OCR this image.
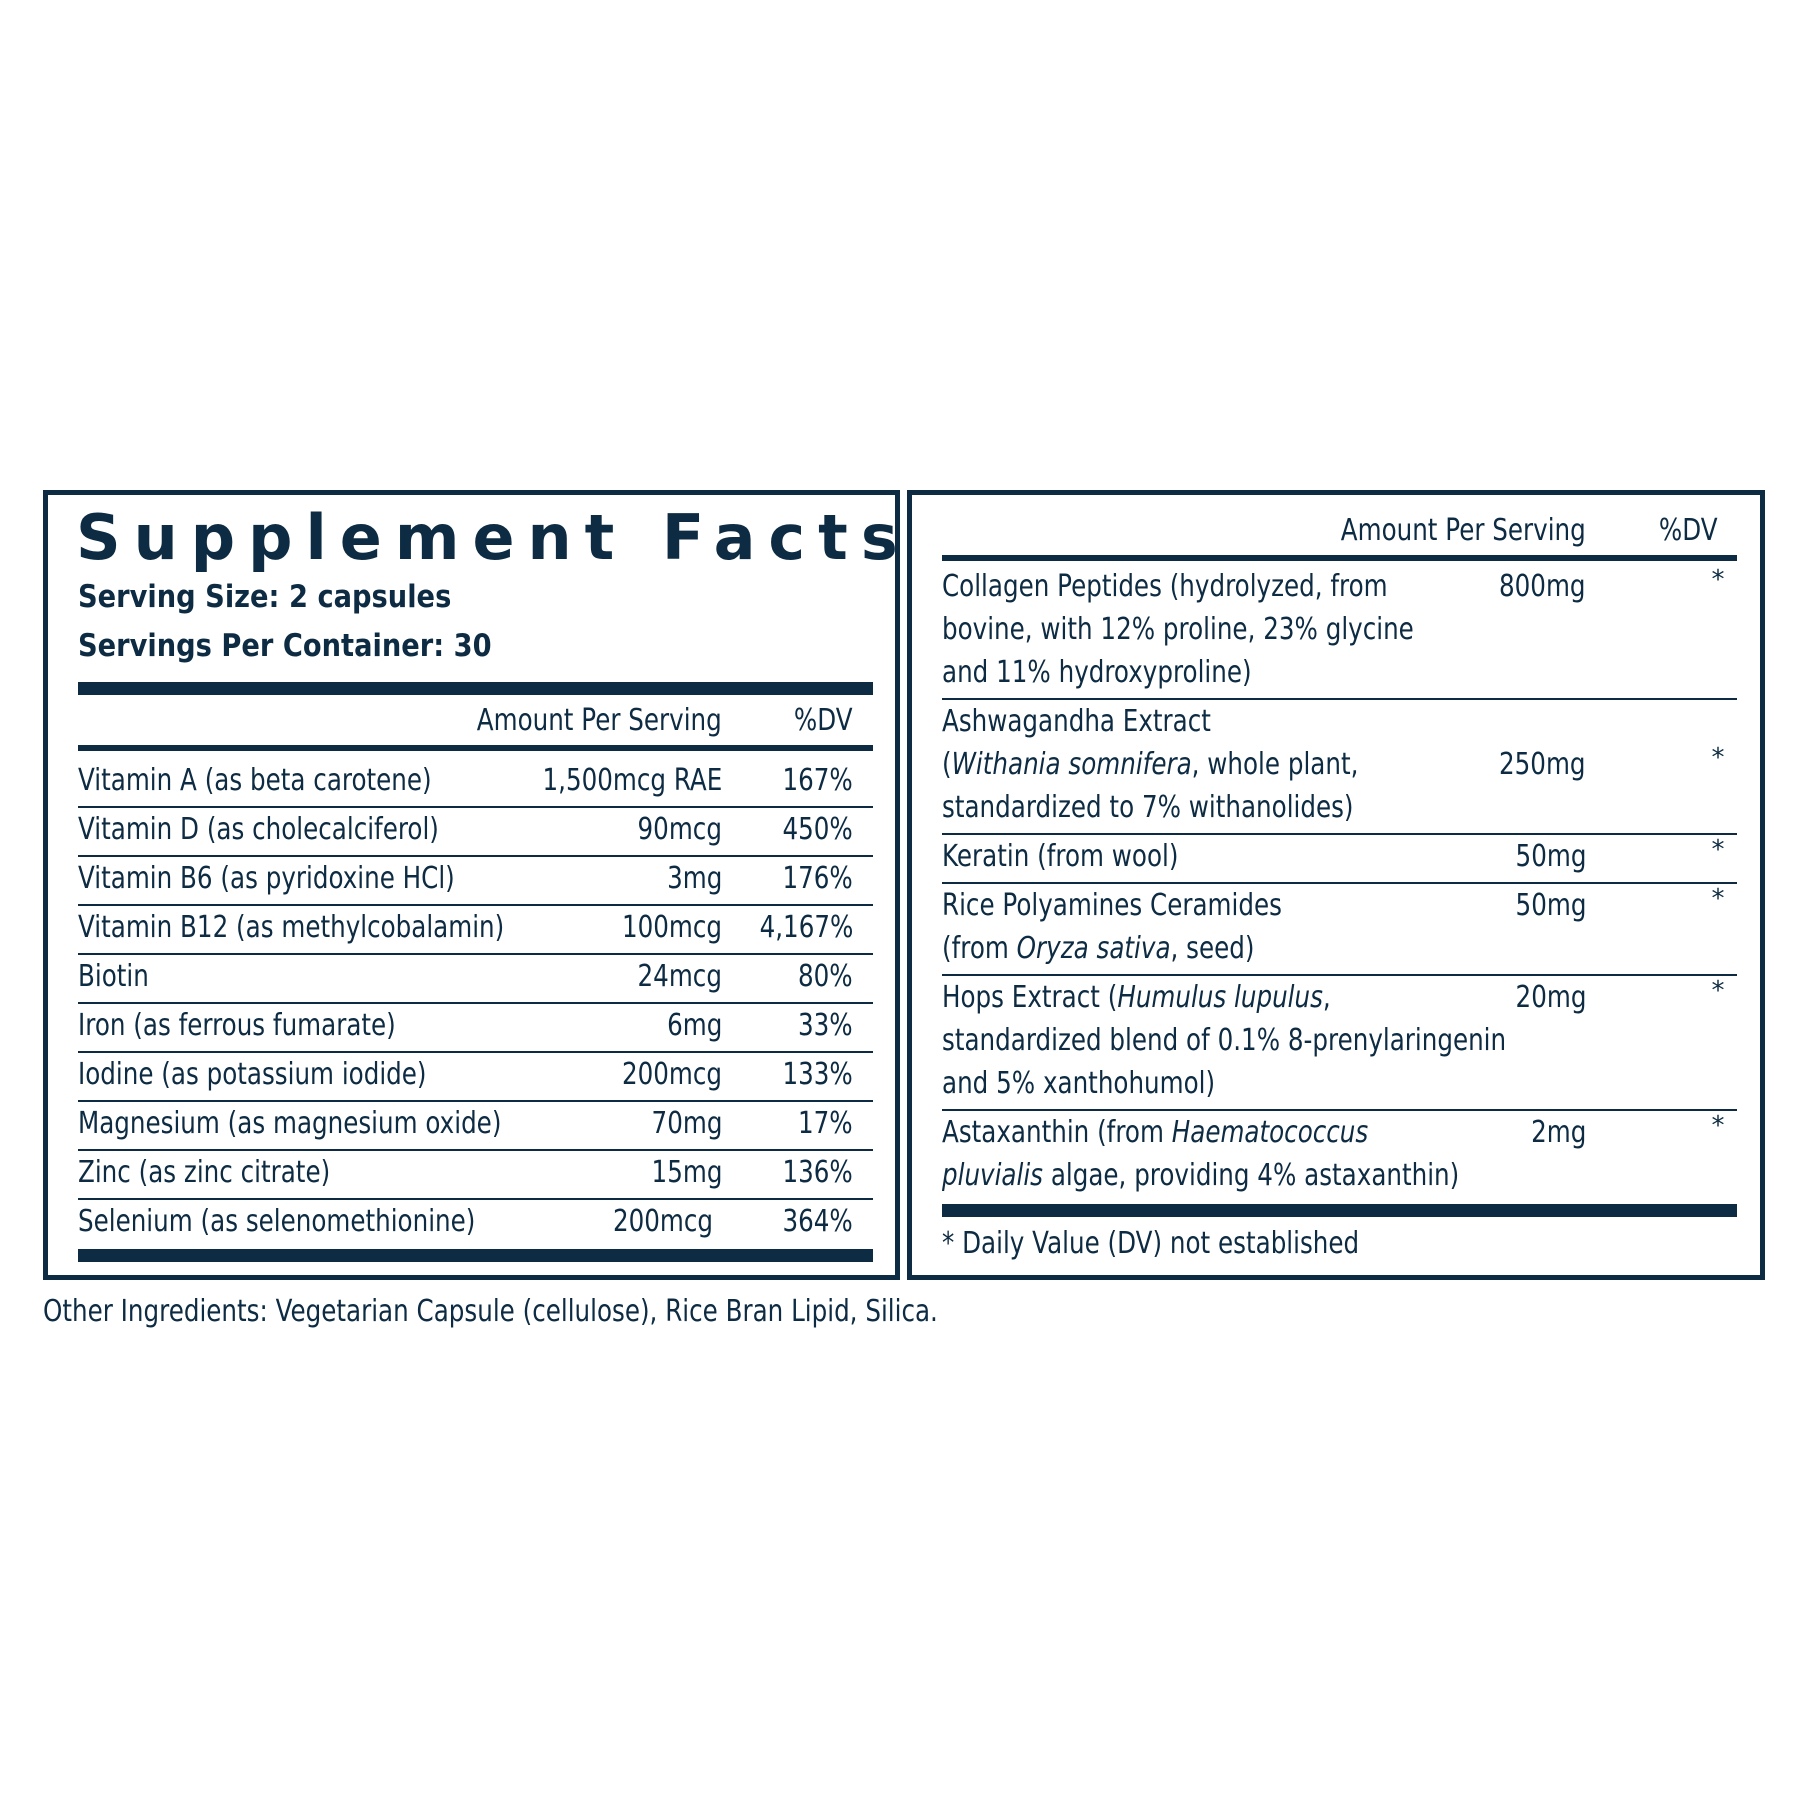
Supplement Facts
Serving Size: 2 capsules
Servings Per Container: 30
Amount Per Serving %DV
Vitamin A (as beta carotene)	1,500mcg RAE 167%
Vitamin D (as cholecalciferol)	90mcg 450%
Vitamin B6 (as pyridoxine HCl)	3mg 176%
Vitamin B12 (as methylcobalamin)	100mcg 4,167%
Biotin	24mcg	80%
Iron (as ferrous fumarate)	6mg	33%
Iodine (as potassium iodide)	200mcg 133%
Magnesium (as magnesium oxide)	70mg	17%
Zinc (as zinc citrate)	15mg 136%
Selenium (as selenomethionine)	200mcg 364%
Amount Per Serving %DV
Collagen Peptides (hydrolyzed, from
bovine, with 12% proline, 23% glycine
and 11% hydroxyproline)
800mg	*
Ashwagandha Extract
(Withania somnifera, whole plant,
standardized to 7% withanolides)
250mg	*
Keratin (from wool)	50mg	*
Rice Polyamines Ceramides
(from Oryza sativa, seed)
50mg	*
Hops Extract (Humulus lupulus,
standardized blend of 0.1% 8-prenylaringenin
and 5% xanthohumol)
20mg	*
Astaxanthin (from Haematococcus
pluvialis algae, providing 4% astaxanthin)
2mg	*
* Daily Value (DV) not established
Other Ingredients: Vegetarian Capsule (cellulose), Rice Bran Lipid, Silica.
